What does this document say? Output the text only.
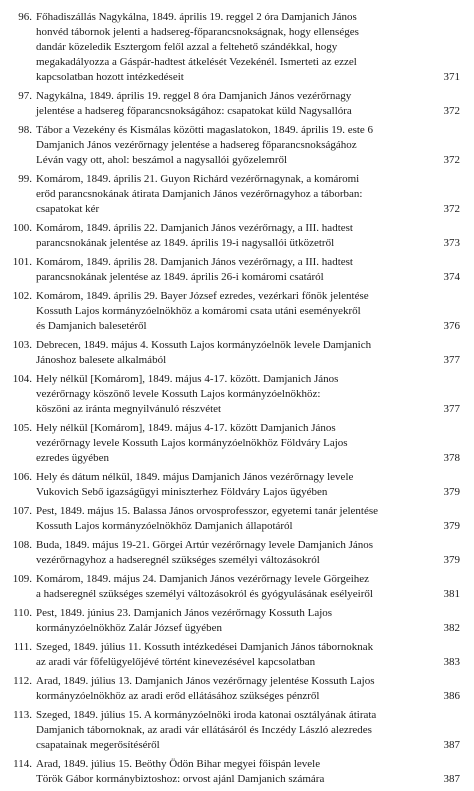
96. Főhadiszállás Nagykálna, 1849. április 19. reggel 2 óra Damjanich János
honvéd tábornok jelenti a hadsereg-főparancsnokságnak, hogy ellenséges
dandár közeledik Esztergom felől azzal a feltehető szándékkal, hogy
megakadályozza a Gáspár-hadtest átkelését Vezekénél. Ismerteti az ezzel
kapcsolatban hozott intézkedéseit	371
97. Nagykálna, 1849. április 19. reggel 8 óra Damjanich János vezérőrnagy
jelentése a hadsereg főparancsnokságához: csapatokat küld Nagysallóra	372
98. Tábor a Vezekény és Kismálas közötti magaslatokon, 1849. április 19. este 6
Damjanich János vezérőrnagy jelentése a hadsereg főparancsnokságához
Léván vagy ott, ahol: beszámol a nagysallói győzelemről	372
99. Komárom, 1849. április 21. Guyon Richárd vezérőrnagynak, a komáromi
erőd parancsnokának átirata Damjanich János vezérőrnagyhoz a táborban:
csapatokat kér	372
100. Komárom, 1849. április 22. Damjanich János vezérőrnagy, a III. hadtest
parancsnokának jelentése az 1849. április 19-i nagysallói ütközetről	373
101. Komárom, 1849. április 28. Damjanich János vezérőrnagy, a III. hadtest
parancsnokának jelentése az 1849. április 26-i komáromi csatáról	374
102. Komárom, 1849. április 29. Bayer József ezredes, vezérkari főnök jelentése
Kossuth Lajos kormányzóelnökhöz a komáromi csata utáni eseményekről
és Damjanich balesetéről	376
103. Debrecen, 1849. május 4. Kossuth Lajos kormányzóelnök levele Damjanich
Jánoshoz balesete alkalmából	377
104. Hely nélkül [Komárom], 1849. május 4-17. között. Damjanich János
vezérőrnagy köszönő levele Kossuth Lajos kormányzóelnökhöz:
köszöni az iránta megnyilvánuló részvétet	377
105. Hely nélkül [Komárom], 1849. május 4-17. között Damjanich János
vezérőrnagy levele Kossuth Lajos kormányzóelnökhöz Földváry Lajos
ezredes ügyében	378
106. Hely és dátum nélkül, 1849. május Damjanich János vezérőrnagy levele
Vukovich Sebő igazságügyi miniszterhez Földváry Lajos ügyében	379
107. Pest, 1849. május 15. Balassa János orvosprofesszor, egyetemi tanár jelentése
Kossuth Lajos kormányzóelnökhöz Damjanich állapotáról	379
108. Buda, 1849. május 19-21. Görgei Artúr vezérőrnagy levele Damjanich János
vezérőrnagyhoz a hadseregnél szükséges személyi változásokról	379
109. Komárom, 1849. május 24. Damjanich János vezérőrnagy levele Görgeihez
a hadseregnél szükséges személyi változásokról és gyógyulásának esélyeiről	381
110. Pest, 1849. június 23. Damjanich János vezérőrnagy Kossuth Lajos
kormányzóelnökhöz Zalár József ügyében	382
111. Szeged, 1849. július 11. Kossuth intézkedései Damjanich János tábornoknak
az aradi vár főfelügyelőjévé történt kinevezésével kapcsolatban	383
112. Arad, 1849. július 13. Damjanich János vezérőrnagy jelentése Kossuth Lajos
kormányzóelnökhöz az aradi erőd ellátásához szükséges pénzről	386
113. Szeged, 1849. július 15. A kormányzóelnöki iroda katonai osztályának átirata
Damjanich tábornoknak, az aradi vár ellátásáról és Inczédy László alezredes
csapatainak megerősítéséről	387
114. Arad, 1849. július 15. Beöthy Ödön Bihar megyei főispán levele
Török Gábor kormánybiztoshoz: orvost ajánl Damjanich számára	387
